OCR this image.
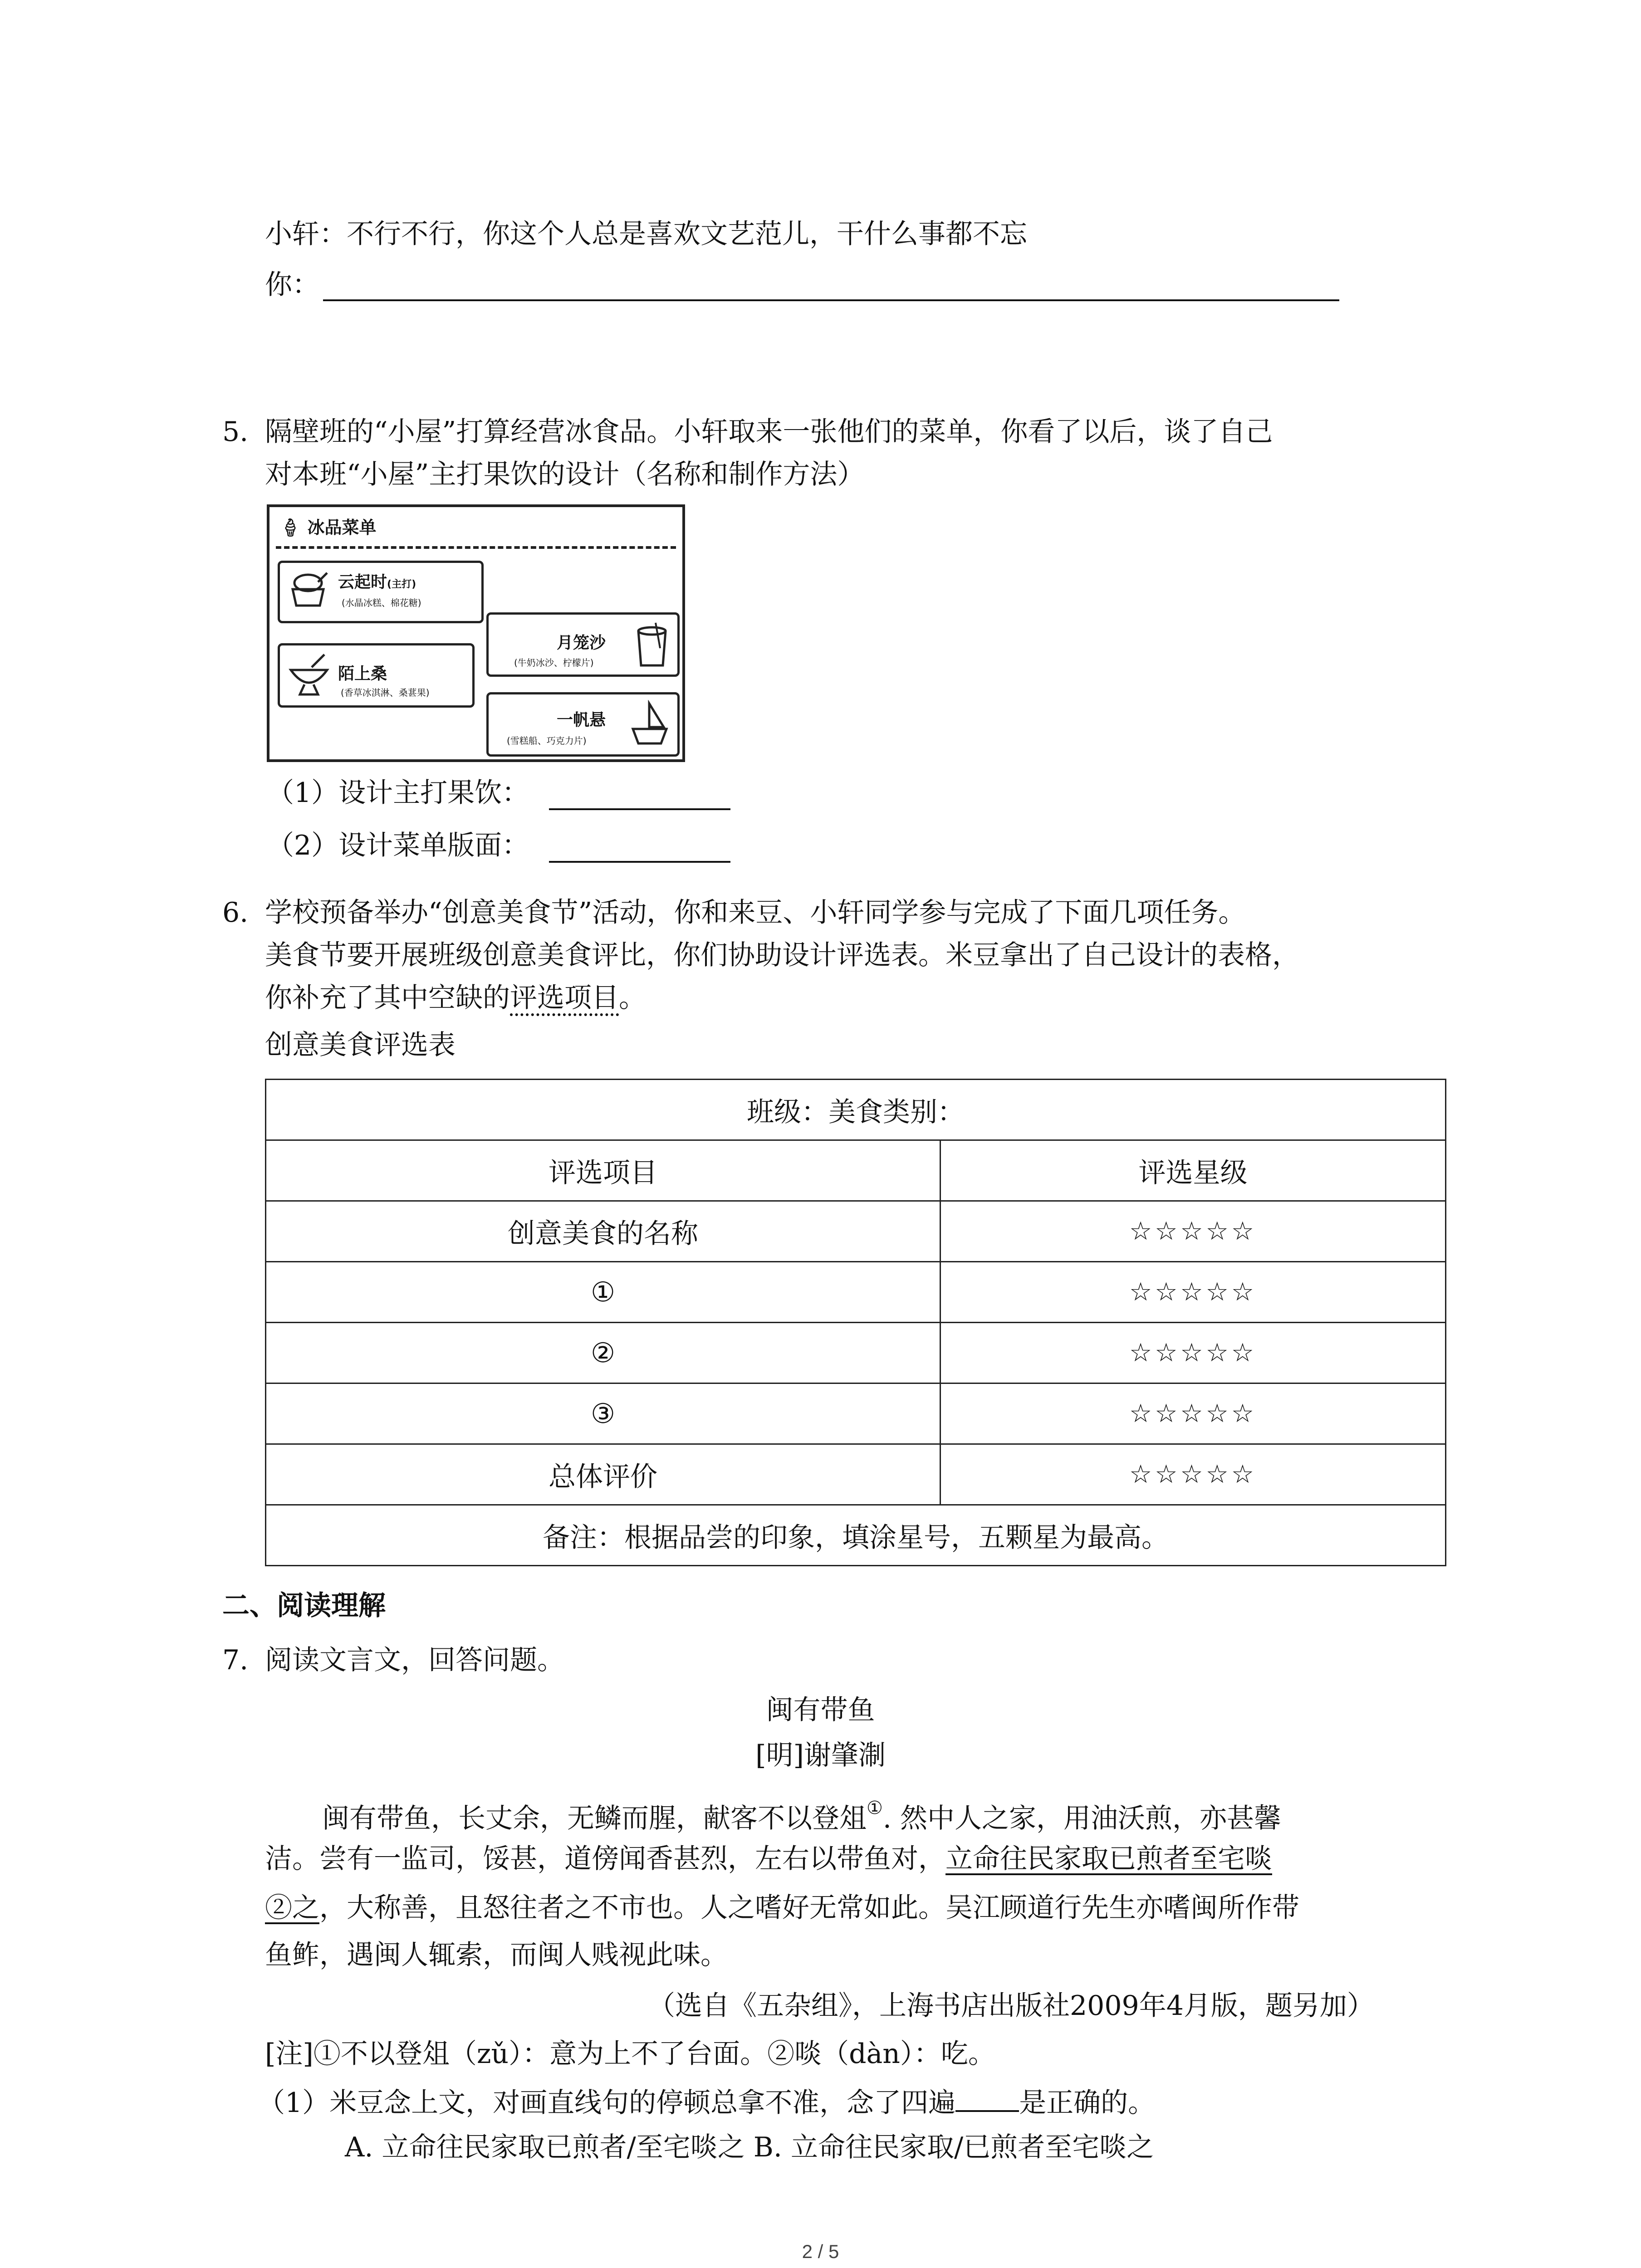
小轩：不行不行，你这个人总是喜欢文艺范儿，干什么事都不忘
你：
5. 隔壁班的“小屋”打算经营冰食品。小轩取来一张他们的菜单，你看了以后，谈了自己
对本班“小屋”主打果饮的设计（名称和制作方法）
🍦︎ 冰品菜单
云起时(主打)
(水晶冰糕、棉花糖)
月笼沙
(牛奶冰沙、柠檬片)
陌上桑
(香草冰淇淋、桑葚果)
一帆悬
(雪糕船、巧克力片)
（1）设计主打果饮：
（2）设计菜单版面：
6. 学校预备举办“创意美食节”活动，你和来豆、小轩同学参与完成了下面几项任务。
美食节要开展班级创意美食评比，你们协助设计评选表。米豆拿出了自己设计的表格，
你补充了其中空缺的评选项目。
创意美食评选表
班级：美食类别：	
评选项目	评选星级
创意美食的名称	☆☆☆☆☆
①	☆☆☆☆☆
②	☆☆☆☆☆
③	☆☆☆☆☆
总体评价	☆☆☆☆☆
备注：根据品尝的印象，填涂星号，五颗星为最高。	
二、阅读理解
7. 阅读文言文，回答问题。
闽有带鱼
[明]谢肇淛
闽有带鱼，长丈余，无鳞而腥，献客不以登俎①. 然中人之家，用油沃煎，亦甚馨
洁。尝有一监司，馁甚，道傍闻香甚烈，左右以带鱼对，立命往民家取已煎者至宅啖
②之，大称善，且怒往者之不市也。人之嗜好无常如此。吴江顾道行先生亦嗜闽所作带
鱼鲊，遇闽人辄索，而闽人贱视此味。
（选自《五杂组》，上海书店出版社2009年4月版，题另加）
[注]①不以登俎（zǔ）：意为上不了台面。②啖（dàn）：吃。
（1）米豆念上文，对画直线句的停顿总拿不准，念了四遍 是正确的。
A. 立命往民家取已煎者/至宅啖之 B. 立命往民家取/已煎者至宅啖之
2 / 5
